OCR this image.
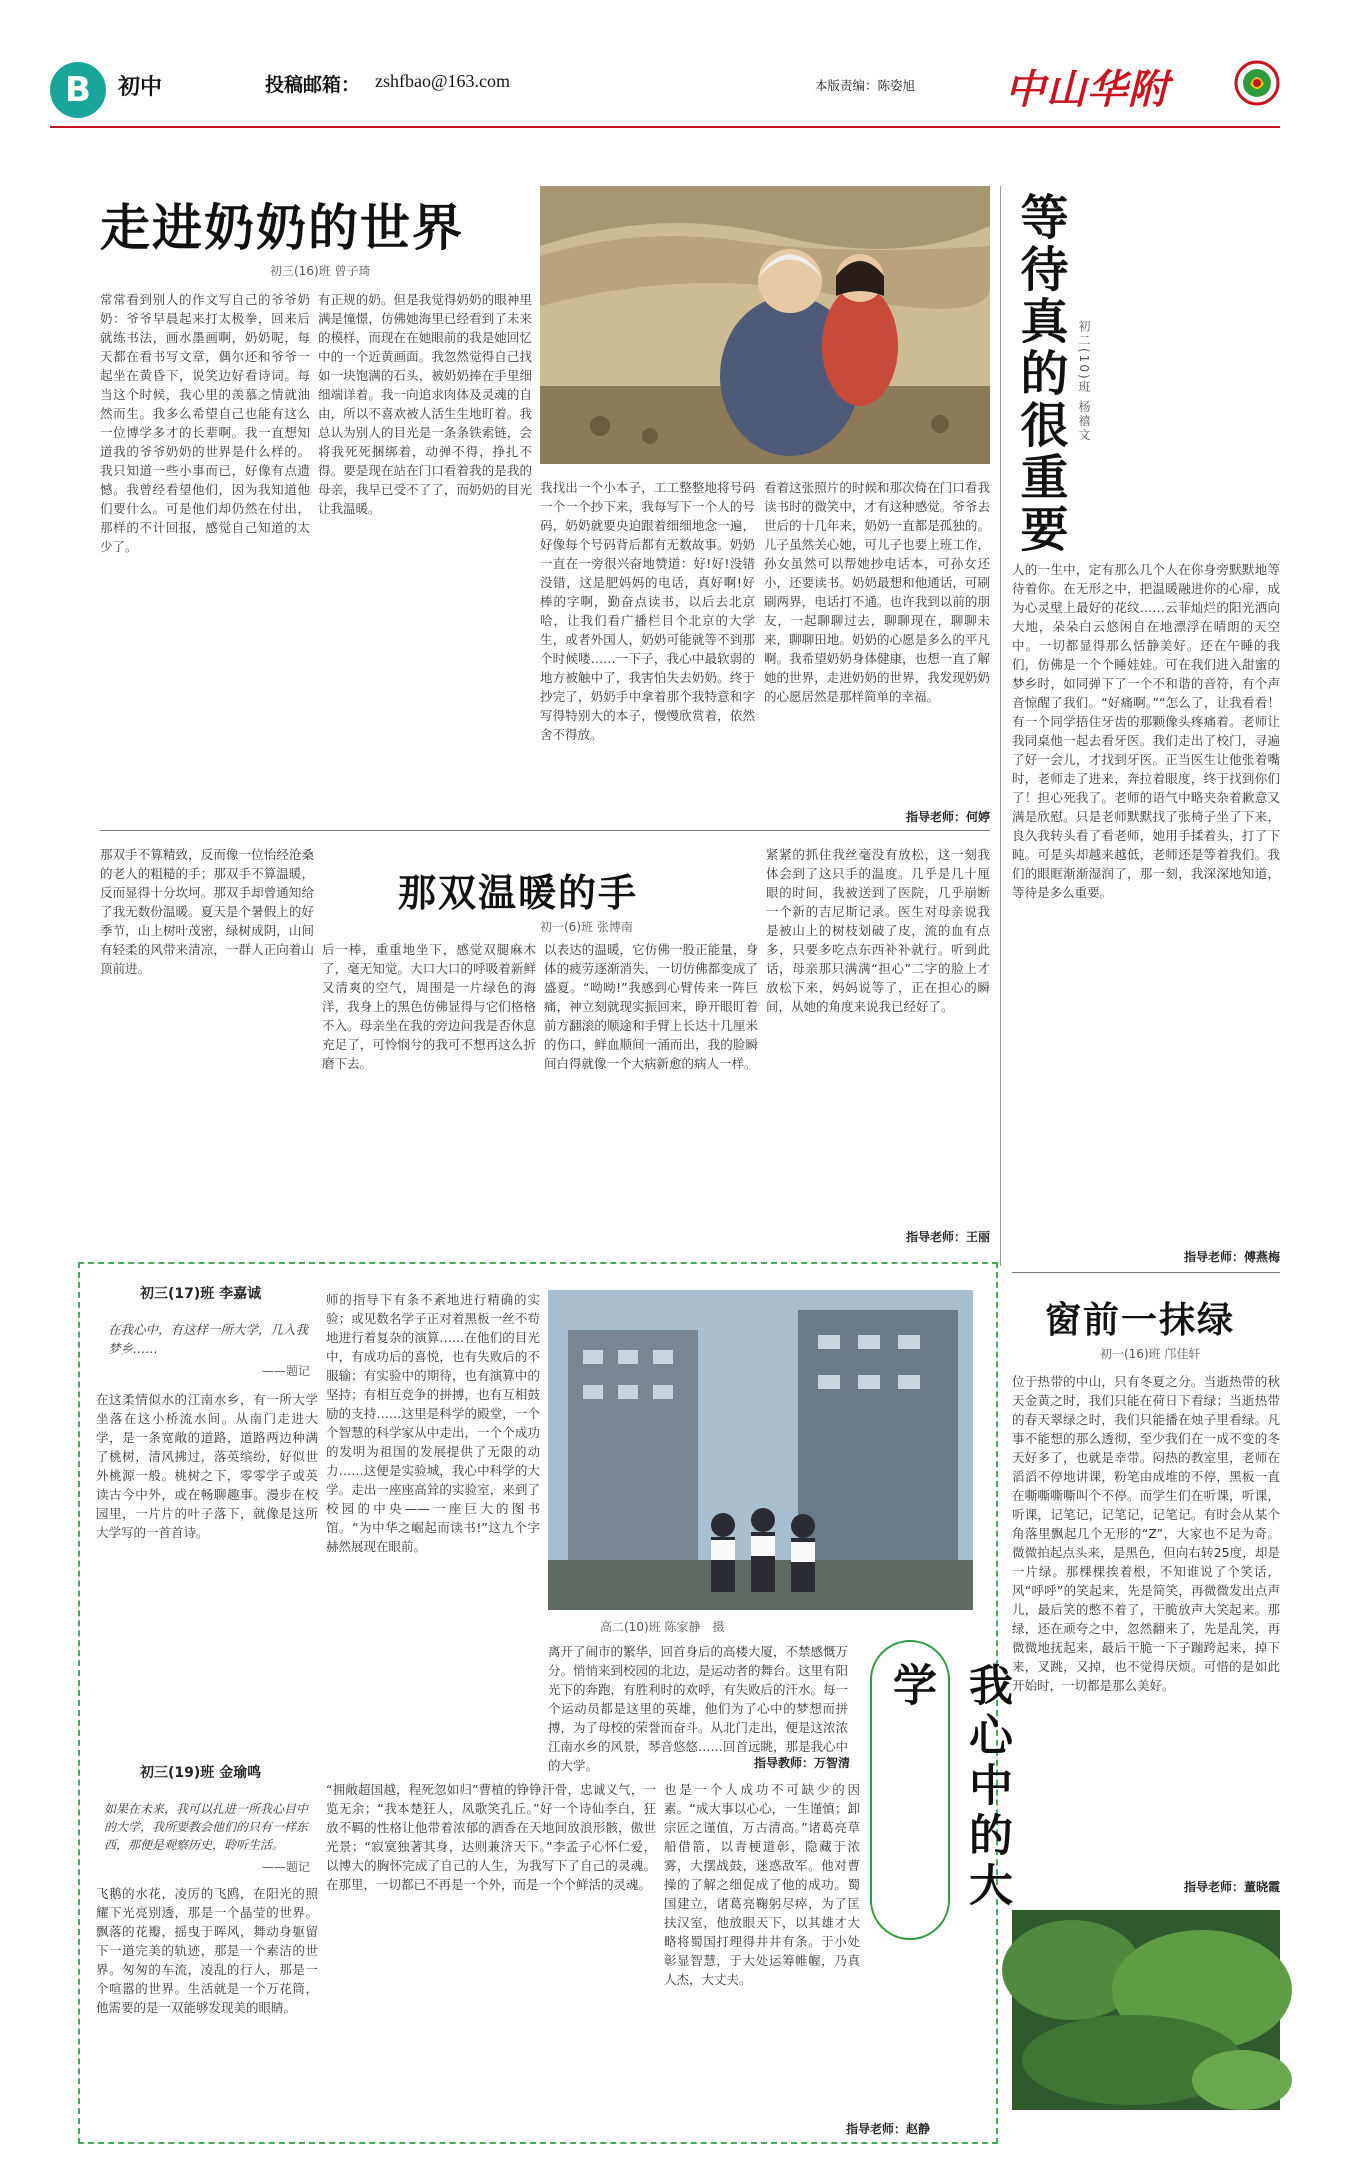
B	初中	投稿邮箱： zshfbao@163.com	本版责编：陈姿旭 中山华附
走进奶奶的世界
初三(16)班 曾子琦
常常看到别人的作文写自己的爷爷奶奶：爷爷早晨起来打太极拳，回来后就练书法，画水墨画啊，奶奶呢，每天都在看书写文章，偶尔还和爷爷一起坐在黄昏下，说笑边好看诗词。每当这个时候，我心里的羡慕之情就油然而生。我多么希望自己也能有这么一位博学多才的长辈啊。我一直想知道我的爷爷奶奶的世界是什么样的。我只知道一些小事而已，好像有点遗憾。我曾经看望他们，因为我知道他们要什么。可是他们却仍然在付出，那样的不计回报，感觉自己知道的太少了。
有正规的奶。但是我觉得奶奶的眼神里满是憧憬，仿佛她海里已经看到了未来的模样，而现在在她眼前的我是她回忆中的一个近黄画面。我忽然觉得自己找如一块饱满的石头，被奶奶捧在手里细细端详着。我一向追求肉体及灵魂的自由，所以不喜欢被人活生生地盯着。我总认为别人的目光是一条条铁索链，会将我死死捆绑着，动弹不得，挣扎不得。要是现在站在门口看着我的是我的母亲，我早已受不了了，而奶奶的目光让我温暖。
我找出一个小本子，工工整整地将号码一个一个抄下来，我每写下一个人的号码，奶奶就要央迫跟着细细地念一遍，好像每个号码背后都有无数故事。奶奶一直在一旁很兴奋地赞道：好!好!没错没错，这是肥妈妈的电话，真好啊!好棒的字啊，勤奋点读书，以后去北京哈，让我们看广播栏目个北京的大学生，或者外国人，奶奶可能就等不到那个时候喽……一下子，我心中最软弱的地方被触中了，我害怕失去奶奶。终于抄完了，奶奶手中拿着那个我特意和字写得特别大的本子，慢慢欣赏着，依然舍不得放。
看着这张照片的时候和那次倚在门口看我读书时的微笑中，才有这种感觉。爷爷去世后的十几年来，奶奶一直都是孤独的。儿子虽然关心她，可儿子也要上班工作，孙女虽然可以帮她抄电话本，可孙女还小，还要读书。奶奶最想和他通话，可刷刷两界，电话打不通。也许我到以前的朋友，一起聊聊过去，聊聊现在，聊聊未来，聊聊田地。奶奶的心愿是多么的平凡啊。我希望奶奶身体健康，也想一直了解她的世界，走进奶奶的世界，我发现奶奶的心愿居然是那样简单的幸福。
指导老师：何婷
等待真的很重要 初二(10)班 杨禧文
人的一生中，定有那么几个人在你身旁默默地等待着你。在无形之中，把温暖融进你的心扉，成为心灵壁上最好的花纹……云菲灿烂的阳光洒向大地，朵朵白云悠闲自在地漂浮在晴朗的天空中。一切都显得那么恬静美好。还在午睡的我们，仿佛是一个个睡娃娃。可在我们进入甜蜜的梦乡时，如同弹下了一个不和谐的音符，有个声音惊醒了我们。“好痛啊。”“怎么了，让我看看！有一个同学捂住牙齿的那颗像头疼痛着。老师让我同桌他一起去看牙医。我们走出了校门，寻遍了好一会儿，才找到牙医。正当医生让他张着嘴时，老师走了进来，奔拉着眼度，终于找到你们了！担心死我了。老师的语气中略夹杂着歉意又满是欣慰。只是老师默默找了张椅子坐了下来，良久我转头看了看老师，她用手揉着头，打了下盹。可是头却越来越低，老师还是等着我们。我们的眼眶渐渐湿润了，那一刻，我深深地知道，等待是多么重要。
指导老师：傅燕梅
那双温暖的手
初一(6)班 张博南
那双手不算精致，反而像一位怡经沧桑的老人的粗糙的手；那双手不算温暖，反而显得十分坎坷。那双手却曾通知给了我无数份温暖。夏天是个暑假上的好季节，山上树叶茂密，绿树成阴，山间有轻柔的风带来清凉，一群人正向着山顶前进。
后一棒，重重地坐下，感觉双腿麻木了，毫无知觉。大口大口的呼吸着新鲜又清爽的空气，周围是一片绿色的海洋，我身上的黑色仿佛显得与它们格格不入。母亲坐在我的旁边问我是否休息充足了，可怜悯兮的我可不想再这么折磨下去。
以表达的温暖，它仿佛一股正能量，身体的疲劳逐渐消失，一切仿佛都变成了盛夏。“呦呦!”我感到心臂传来一阵巨痛，神立刻就现实振回来，睁开眼盯着前方翻滚的顺途和手臂上长达十几厘米的伤口，鲜血顺间一涌而出，我的脸瞬间白得就像一个大病新愈的病人一样。
紧紧的抓住我丝毫没有放松，这一刻我体会到了这只手的温度。几乎是几十厘眼的时间，我被送到了医院，几乎崩断一个新的吉尼斯记录。医生对母亲说我是被山上的树枝划破了皮，流的血有点多，只要多吃点东西补补就行。听到此话，母亲那只满满“担心”二字的脸上才放松下来，妈妈说等了，正在担心的瞬间，从她的角度来说我已经好了。
指导老师：王丽
初三(17)班 李嘉诚
在我心中，有这样一所大学，几入我梦乡……
——题记
在这柔情似水的江南水乡，有一所大学坐落在这小桥流水间。从南门走进大学，是一条宽敞的道路，道路两边种满了桃树，清风拂过，落英缤纷，好似世外桃源一般。桃树之下，零零学子或英读古今中外，或在畅聊趣事。漫步在校园里，一片片的叶子落下，就像是这所大学写的一首首诗。
初三(19)班 金瑜鸣
如果在未来，我可以扎进一所我心目中的大学，我所要教会他们的只有一样东西，那便是观察历史，聆听生活。
——题记
飞鹅的水花，凌厉的飞鸥，在阳光的照耀下光亮别透，那是一个晶莹的世界。飘落的花瓣，摇曳于晖风，舞动身躯留下一道完美的轨迹，那是一个素洁的世界。匆匆的车流，凌乱的行人，那是一个喧嚣的世界。生活就是一个万花筒，他需要的是一双能够发现美的眼睛。
师的指导下有条不紊地进行精确的实验；或见数名学子正对着黑板一丝不苟地进行着复杂的演算……在他们的目光中，有成功后的喜悦，也有失败后的不服输；有实验中的期待，也有演算中的坚持；有相互竞争的拼搏，也有互相鼓励的支持……这里是科学的殿堂，一个个智慧的科学家从中走出，一个个成功的发明为祖国的发展提供了无限的动力……这便是实验城，我心中科学的大学。走出一座座高耸的实验室，来到了校园的中央——一座巨大的图书馆。“为中华之崛起而读书!”这九个字赫然展现在眼前。
高二(10)班 陈家静　摄
离开了闹市的繁华，回首身后的高楼大厦，不禁感慨万分。悄悄来到校园的北边，是运动者的舞台。这里有阳光下的奔跑，有胜利时的欢呼，有失败后的汗水。每一个运动员都是这里的英雄，他们为了心中的梦想而拼搏，为了母校的荣誉而奋斗。从北门走出，便是这浓浓江南水乡的风景，琴音悠悠……回首远眺，那是我心中的大学。	指导教师：万智清	我心中的大学
“拥敞超国越，程死忽如归”曹植的铮铮汗骨，忠诚义气，一览无余；“我本楚狂人，凤歌笑孔丘。”好一个诗仙李白，狂放不羁的性格让他带着浓郁的酒香在天地间放浪形骸，傲世光景；“寂寞独著其身，达则兼济天下。”李孟子心怀仁爱，以博大的胸怀完成了自己的人生，为我写下了自己的灵魂。在那里，一切都已不再是一个外，而是一个个鲜活的灵魂。
也是一个人成功不可缺少的因素。“成大事以心心，一生谨慎；卸宗匠之谨值，万古清高。”诸葛亮草船借箭，以青梗道彰，隐藏于浓雾，大摆战鼓，迷惑敌军。他对曹操的了解之细促成了他的成功。蜀国建立，诸葛亮鞠躬尽瘁，为了匡扶汉室，他放眼天下，以其雄才大略将蜀国打理得井井有条。于小处彰显智慧，于大处运筹帷幄，乃真人杰，大丈夫。
指导老师：赵静
窗前一抹绿
初一(16)班 邝佳轩
位于热带的中山，只有冬夏之分。当逝热带的秋天金黄之时，我们只能在荷日下看绿；当逝热带的春天翠绿之时，我们只能播在烛子里看绿。凡事不能想的那么透彻，至少我们在一成不变的冬天好多了，也就是幸带。闷热的教室里，老师在滔滔不停地讲课，粉笔由成堆的不停，黑板一直在嘶嘶嘶嘶叫个不停。而学生们在听课，听课，听课，记笔记，记笔记，记笔记。有时会从某个角落里飘起几个无形的“Z”，大家也不足为奇。微微拍起点头来，是黑色，但向右转25度，却是一片绿。那棵棵挨着根，不知谁说了个笑话，风“呼呼”的笑起来，先是简笑，再微微发出点声儿，最后笑的憋不着了，干脆放声大笑起来。那绿，还在顽夸之中，忽然翻来了，先是乱笑，再微微地抚起来，最后干脆一下子蹦跨起来，掉下来，叉跳，又掉，也不觉得厌烦。可惜的是如此开始时，一切都是那么美好。
指导老师：董晓霞
